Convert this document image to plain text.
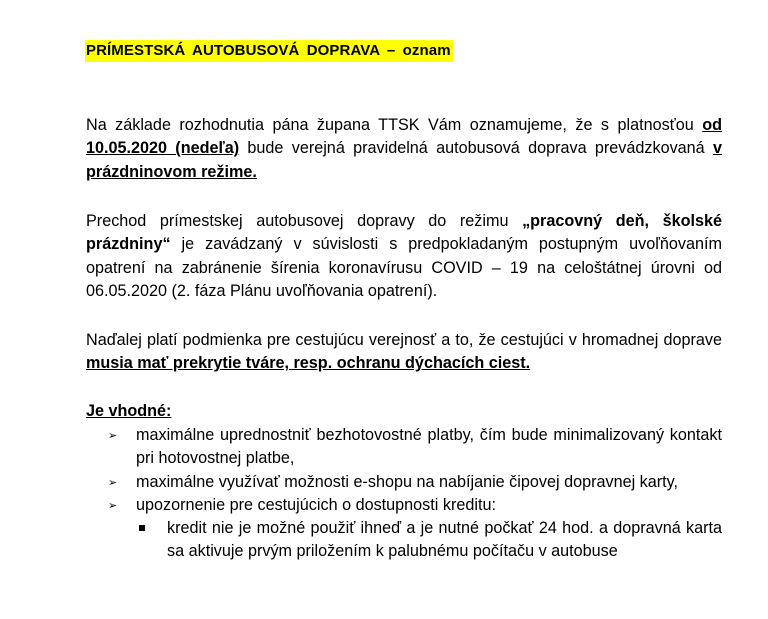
PRÍMESTSKÁ AUTOBUSOVÁ DOPRAVA – oznam

Na základe rozhodnutia pána župana TTSK Vám oznamujeme, že s platnosťou od 10.05.2020 (nedeľa) bude verejná pravidelná autobusová doprava prevádzkovaná v prázdninovom režime.

Prechod prímestskej autobusovej dopravy do režimu „pracovný deň, školské prázdniny“ je zavádzaný v súvislosti s predpokladaným postupným uvoľňovaním opatrení na zabránenie šírenia koronavírusu COVID – 19 na celoštátnej úrovni od 06.05.2020 (2. fáza Plánu uvoľňovania opatrení).

Naďalej platí podmienka pre cestujúcu verejnosť a to, že cestujúci v hromadnej doprave musia mať prekrytie tváre, resp. ochranu dýchacích ciest.

Je vhodné:
➢ maximálne uprednostniť bezhotovostné platby, čím bude minimalizovaný kontakt pri hotovostnej platbe,
➢ maximálne využívať možnosti e-shopu na nabíjanie čipovej dopravnej karty,
➢ upozornenie pre cestujúcich o dostupnosti kreditu:
kredit nie je možné použiť ihneď a je nutné počkať 24 hod. a dopravná karta sa aktivuje prvým priložením k palubnému počítaču v autobuse
